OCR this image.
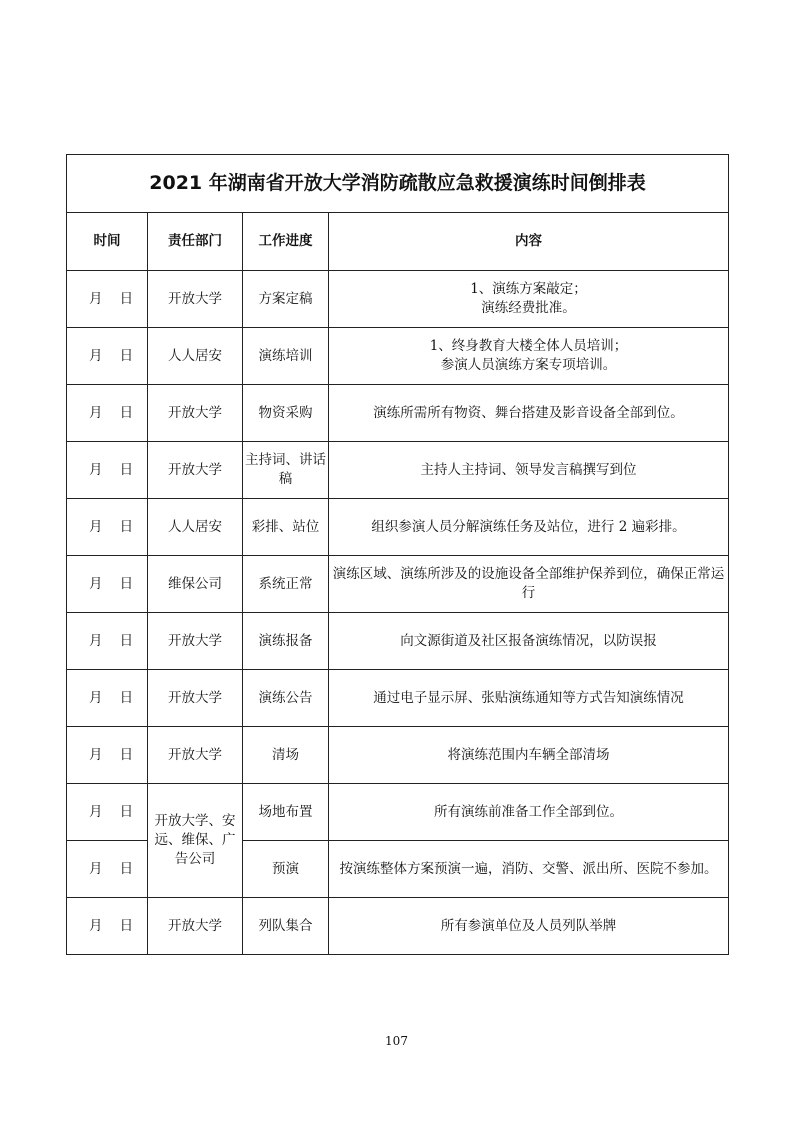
2021 年湖南省开放大学消防疏散应急救援演练时间倒排表			
时间	责任部门	工作进度	内容
月    日	开放大学	方案定稿	1、演练方案敲定；
演练经费批准。

月    日	人人居安	演练培训	1、终身教育大楼全体人员培训；
参演人员演练方案专项培训。

月    日	开放大学	物资采购	演练所需所有物资、舞台搭建及影音设备全部到位。

月    日	开放大学	主持词、讲话稿	主持人主持词、领导发言稿撰写到位

月    日	人人居安	彩排、站位	组织参演人员分解演练任务及站位，进行 2 遍彩排。

月    日	维保公司	系统正常	演练区域、演练所涉及的设施设备全部维护保养到位，确保正常运行

月    日	开放大学	演练报备	向文源街道及社区报备演练情况，以防误报

月    日	开放大学	演练公告	通过电子显示屏、张贴演练通知等方式告知演练情况

月    日	开放大学	清场	将演练范围内车辆全部清场

月    日	开放大学、安远、维保、广告公司	场地布置	所有演练前准备工作全部到位。

月    日		预演	按演练整体方案预演一遍，消防、交警、派出所、医院不参加。

月    日	开放大学	列队集合	所有参演单位及人员列队举牌
107
